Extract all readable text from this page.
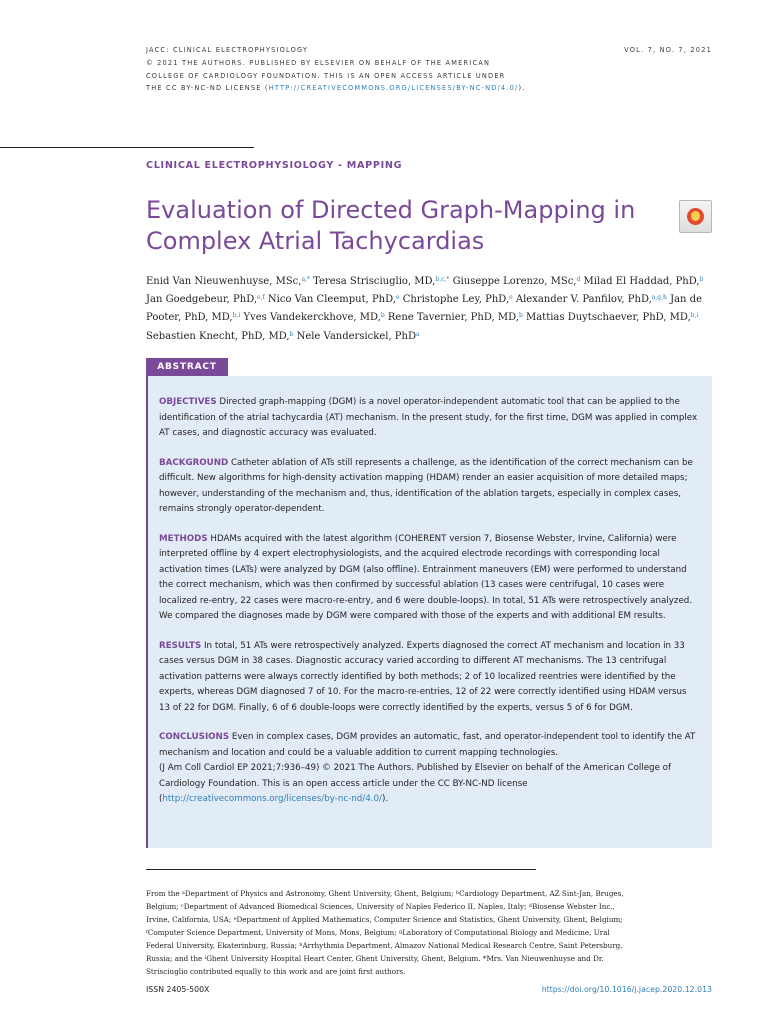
JACC: CLINICAL ELECTROPHYSIOLOGY
© 2021 THE AUTHORS. PUBLISHED BY ELSEVIER ON BEHALF OF THE AMERICAN
COLLEGE OF CARDIOLOGY FOUNDATION. THIS IS AN OPEN ACCESS ARTICLE UNDER
THE CC BY-NC-ND LICENSE (HTTP://CREATIVECOMMONS.ORG/LICENSES/BY-NC-ND/4.0/).
VOL. 7, NO. 7, 2021
CLINICAL ELECTROPHYSIOLOGY - MAPPING
Evaluation of Directed Graph-Mapping in Complex Atrial Tachycardias
Enid Van Nieuwenhuyse, MSc,$^{a,*}$ Teresa Strisciuglio, MD,$^{b,c,*}$ Giuseppe Lorenzo, MSc,$^d$ Milad El Haddad, PhD,$^b$ Jan Goedgebeur, PhD,$^{e,f}$ Nico Van Cleemput, PhD,$^e$ Christophe Ley, PhD,$^e$ Alexander V. Panfilov, PhD,$^{a,g,h}$ Jan de Pooter, PhD, MD,$^{b,i}$ Yves Vandekerckhove, MD,$^b$ Rene Tavernier, PhD, MD,$^b$ Mattias Duytschaever, PhD, MD,$^{b,i}$ Sebastien Knecht, PhD, MD,$^b$ Nele Vandersickel, PhD$^a$
ABSTRACT

OBJECTIVES Directed graph-mapping (DGM) is a novel operator-independent automatic tool that can be applied to the identification of the atrial tachycardia (AT) mechanism. In the present study, for the first time, DGM was applied in complex AT cases, and diagnostic accuracy was evaluated.

BACKGROUND Catheter ablation of ATs still represents a challenge, as the identification of the correct mechanism can be difficult. New algorithms for high-density activation mapping (HDAM) render an easier acquisition of more detailed maps; however, understanding of the mechanism and, thus, identification of the ablation targets, especially in complex cases, remains strongly operator-dependent.

METHODS HDAMs acquired with the latest algorithm (COHERENT version 7, Biosense Webster, Irvine, California) were interpreted offline by 4 expert electrophysiologists, and the acquired electrode recordings with corresponding local activation times (LATs) were analyzed by DGM (also offline). Entrainment maneuvers (EM) were performed to understand the correct mechanism, which was then confirmed by successful ablation (13 cases were centrifugal, 10 cases were localized re-entry, 22 cases were macro-re-entry, and 6 were double-loops). In total, 51 ATs were retrospectively analyzed. We compared the diagnoses made by DGM were compared with those of the experts and with additional EM results.

RESULTS In total, 51 ATs were retrospectively analyzed. Experts diagnosed the correct AT mechanism and location in 33 cases versus DGM in 38 cases. Diagnostic accuracy varied according to different AT mechanisms. The 13 centrifugal activation patterns were always correctly identified by both methods; 2 of 10 localized reentries were identified by the experts, whereas DGM diagnosed 7 of 10. For the macro-re-entries, 12 of 22 were correctly identified using HDAM versus 13 of 22 for DGM. Finally, 6 of 6 double-loops were correctly identified by the experts, versus 5 of 6 for DGM.

CONCLUSIONS Even in complex cases, DGM provides an automatic, fast, and operator-independent tool to identify the AT mechanism and location and could be a valuable addition to current mapping technologies.
(J Am Coll Cardiol EP 2021;7:936–49) © 2021 The Authors. Published by Elsevier on behalf of the American College of Cardiology Foundation. This is an open access article under the CC BY-NC-ND license (http://creativecommons.org/licenses/by-nc-nd/4.0/).

From the $^a$Department of Physics and Astronomy, Ghent University, Ghent, Belgium; $^b$Cardiology Department, AZ Sint-Jan, Bruges, Belgium; $^c$Department of Advanced Biomedical Sciences, University of Naples Federico II, Naples, Italy; $^d$Biosense Webster Inc., Irvine, California, USA; $^e$Department of Applied Mathematics, Computer Science and Statistics, Ghent University, Ghent, Belgium; $^f$Computer Science Department, University of Mons, Mons, Belgium; $^g$Laboratory of Computational Biology and Medicine, Ural Federal University, Ekaterinburg, Russia; $^h$Arrhythmia Department, Almazov National Medical Research Centre, Saint Petersburg, Russia; and the $^i$Ghent University Hospital Heart Center, Ghent University, Ghent, Belgium. *Mrs. Van Nieuwenhuyse and Dr. Strisciuglio contributed equally to this work and are joint first authors.
ISSN 2405-500X	https://doi.org/10.1016/j.jacep.2020.12.013
